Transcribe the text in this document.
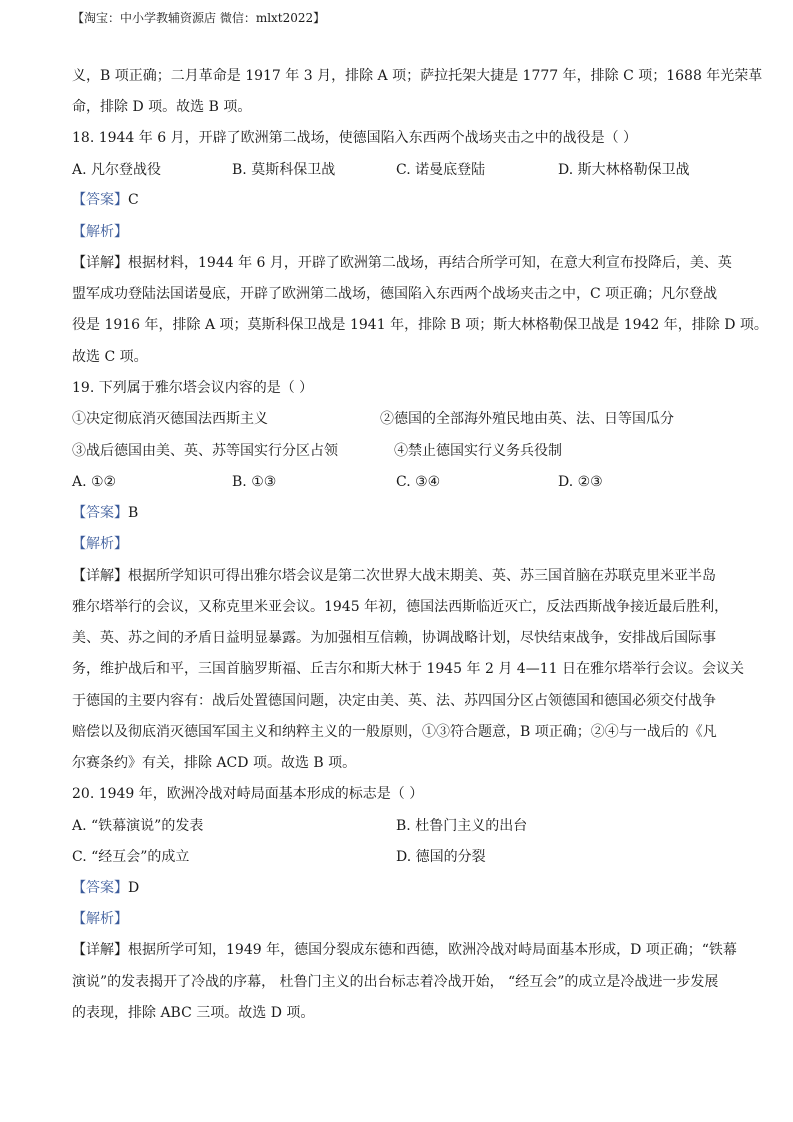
【淘宝：中小学教辅资源店 微信：mlxt2022】
义，B 项正确；二月革命是 1917 年 3 月，排除 A 项；萨拉托架大捷是 1777 年，排除 C 项；1688 年光荣革
命，排除 D 项。故选 B 项。
18. 1944 年 6 月，开辟了欧洲第二战场，使德国陷入东西两个战场夹击之中的战役是（ ）
A. 凡尔登战役	B. 莫斯科保卫战	C. 诺曼底登陆	D. 斯大林格勒保卫战
【答案】C
【解析】
【详解】根据材料，1944 年 6 月，开辟了欧洲第二战场，再结合所学可知，在意大利宣布投降后，美、英
盟军成功登陆法国诺曼底，开辟了欧洲第二战场，德国陷入东西两个战场夹击之中，C 项正确；凡尔登战
役是 1916 年，排除 A 项；莫斯科保卫战是 1941 年，排除 B 项；斯大林格勒保卫战是 1942 年，排除 D 项。
故选 C 项。
19. 下列属于雅尔塔会议内容的是（ ）
①决定彻底消灭德国法西斯主义	②德国的全部海外殖民地由英、法、日等国瓜分
③战后德国由美、英、苏等国实行分区占领	④禁止德国实行义务兵役制
A. ①②	B. ①③	C. ③④	D. ②③
【答案】B
【解析】
【详解】根据所学知识可得出雅尔塔会议是第二次世界大战末期美、英、苏三国首脑在苏联克里米亚半岛
雅尔塔举行的会议，又称克里米亚会议。1945 年初，德国法西斯临近灭亡，反法西斯战争接近最后胜利，
美、英、苏之间的矛盾日益明显暴露。为加强相互信赖，协调战略计划，尽快结束战争，安排战后国际事
务，维护战后和平，三国首脑罗斯福、丘吉尔和斯大林于 1945 年 2 月 4—11 日在雅尔塔举行会议。会议关
于德国的主要内容有：战后处置德国问题，决定由美、英、法、苏四国分区占领德国和德国必须交付战争
赔偿以及彻底消灭德国军国主义和纳粹主义的一般原则，①③符合题意，B 项正确；②④与一战后的《凡
尔赛条约》有关，排除 ACD 项。故选 B 项。
20. 1949 年，欧洲冷战对峙局面基本形成的标志是（ ）
A. “铁幕演说”的发表	B. 杜鲁门主义的出台
C. “经互会”的成立	D. 德国的分裂
【答案】D
【解析】
【详解】根据所学可知，1949 年，德国分裂成东德和西德，欧洲冷战对峙局面基本形成，D 项正确；“铁幕
演说”的发表揭开了冷战的序幕， 杜鲁门主义的出台标志着冷战开始， “经互会”的成立是冷战进一步发展
的表现，排除 ABC 三项。故选 D 项。
